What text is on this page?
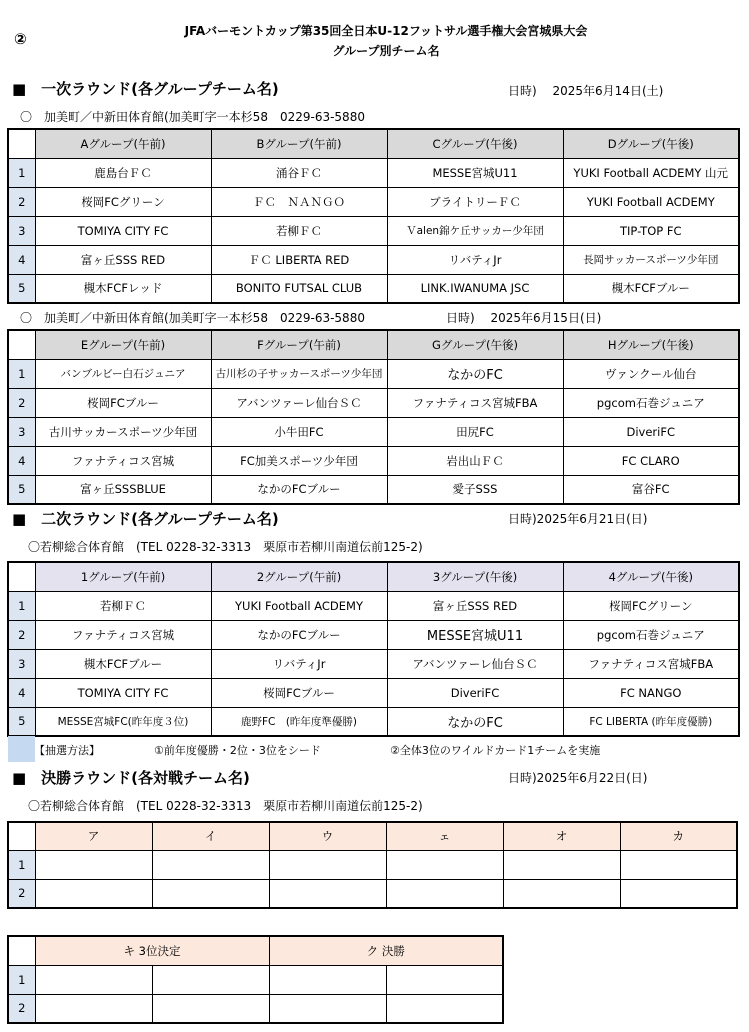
②	JFAバーモントカップ第35回全日本U-12フットサル選手権大会宮城県大会
グループ別チーム名
■　一次ラウンド(各グループチーム名)	日時)　 2025年6月14日(土)
〇　加美町／中新田体育館(加美町字一本杉58　0229-63-5880
	Aグループ(午前)	Bグループ(午前)	Cグループ(午後)	Dグループ(午後)
1	鹿島台ＦＣ	涌谷ＦＣ	MESSE宮城U11	YUKI Football ACDEMY 山元
2	桜岡FCグリーン	ＦＣ　ＮＡＮＧＯ	ブライトリーＦＣ	YUKI Football ACDEMY
3	TOMIYA CITY FC	若柳ＦＣ	Ｖalen錦ケ丘サッカー少年団	TIP-TOP FC
4	富ヶ丘SSS RED	ＦＣ LIBERTA RED	リバティJr	長岡サッカースポーツ少年団
5	槻木FCFレッド	BONITO FUTSAL CLUB	LINK.IWANUMA JSC	槻木FCFブルー
〇　加美町／中新田体育館(加美町字一本杉58　0229-63-5880	日時)　 2025年6月15日(日)
	Eグループ(午前)	Fグループ(午前)	Gグループ(午後)	Hグループ(午後)
1	バンブルビー白石ジュニア	古川杉の子サッカースポーツ少年団	なかのFC	ヴァンクール仙台
2	桜岡FCブルー	アバンツァーレ仙台ＳＣ	ファナティコス宮城FBA	pgcom石巻ジュニア
3	古川サッカースポーツ少年団	小牛田FC	田尻FC	DiveriFC
4	ファナティコス宮城	FC加美スポーツ少年団	岩出山ＦＣ	FC CLARO
5	富ヶ丘SSSBLUE	なかのFCブルー	愛子SSS	富谷FC
■　二次ラウンド(各グループチーム名)	日時)2025年6月21日(日)
〇若柳総合体育館　(TEL 0228-32-3313　栗原市若柳川南道伝前125-2)
	1グループ(午前)	2グループ(午前)	3グループ(午後)	4グループ(午後)
1	若柳ＦＣ	YUKI Football ACDEMY	富ヶ丘SSS RED	桜岡FCグリーン
2	ファナティコス宮城	なかのFCブルー	MESSE宮城U11	pgcom石巻ジュニア
3	槻木FCFブルー	リバティJr	アバンツァーレ仙台ＳＣ	ファナティコス宮城FBA
4	TOMIYA CITY FC	桜岡FCブルー	DiveriFC	FC NANGO
5	MESSE宮城FC(昨年度３位)	鹿野FC　(昨年度準優勝)	なかのFC	FC LIBERTA (昨年度優勝)
【抽選方法】	①前年度優勝・2位・3位をシード	②全体3位のワイルドカード1チームを実施
■　決勝ラウンド(各対戦チーム名)	日時)2025年6月22日(日)
〇若柳総合体育館　(TEL 0228-32-3313　栗原市若柳川南道伝前125-2)
	ア	イ	ウ	ェ	オ	カ
1						
2						
	キ 3位決定		ク 決勝	
1				
2				
